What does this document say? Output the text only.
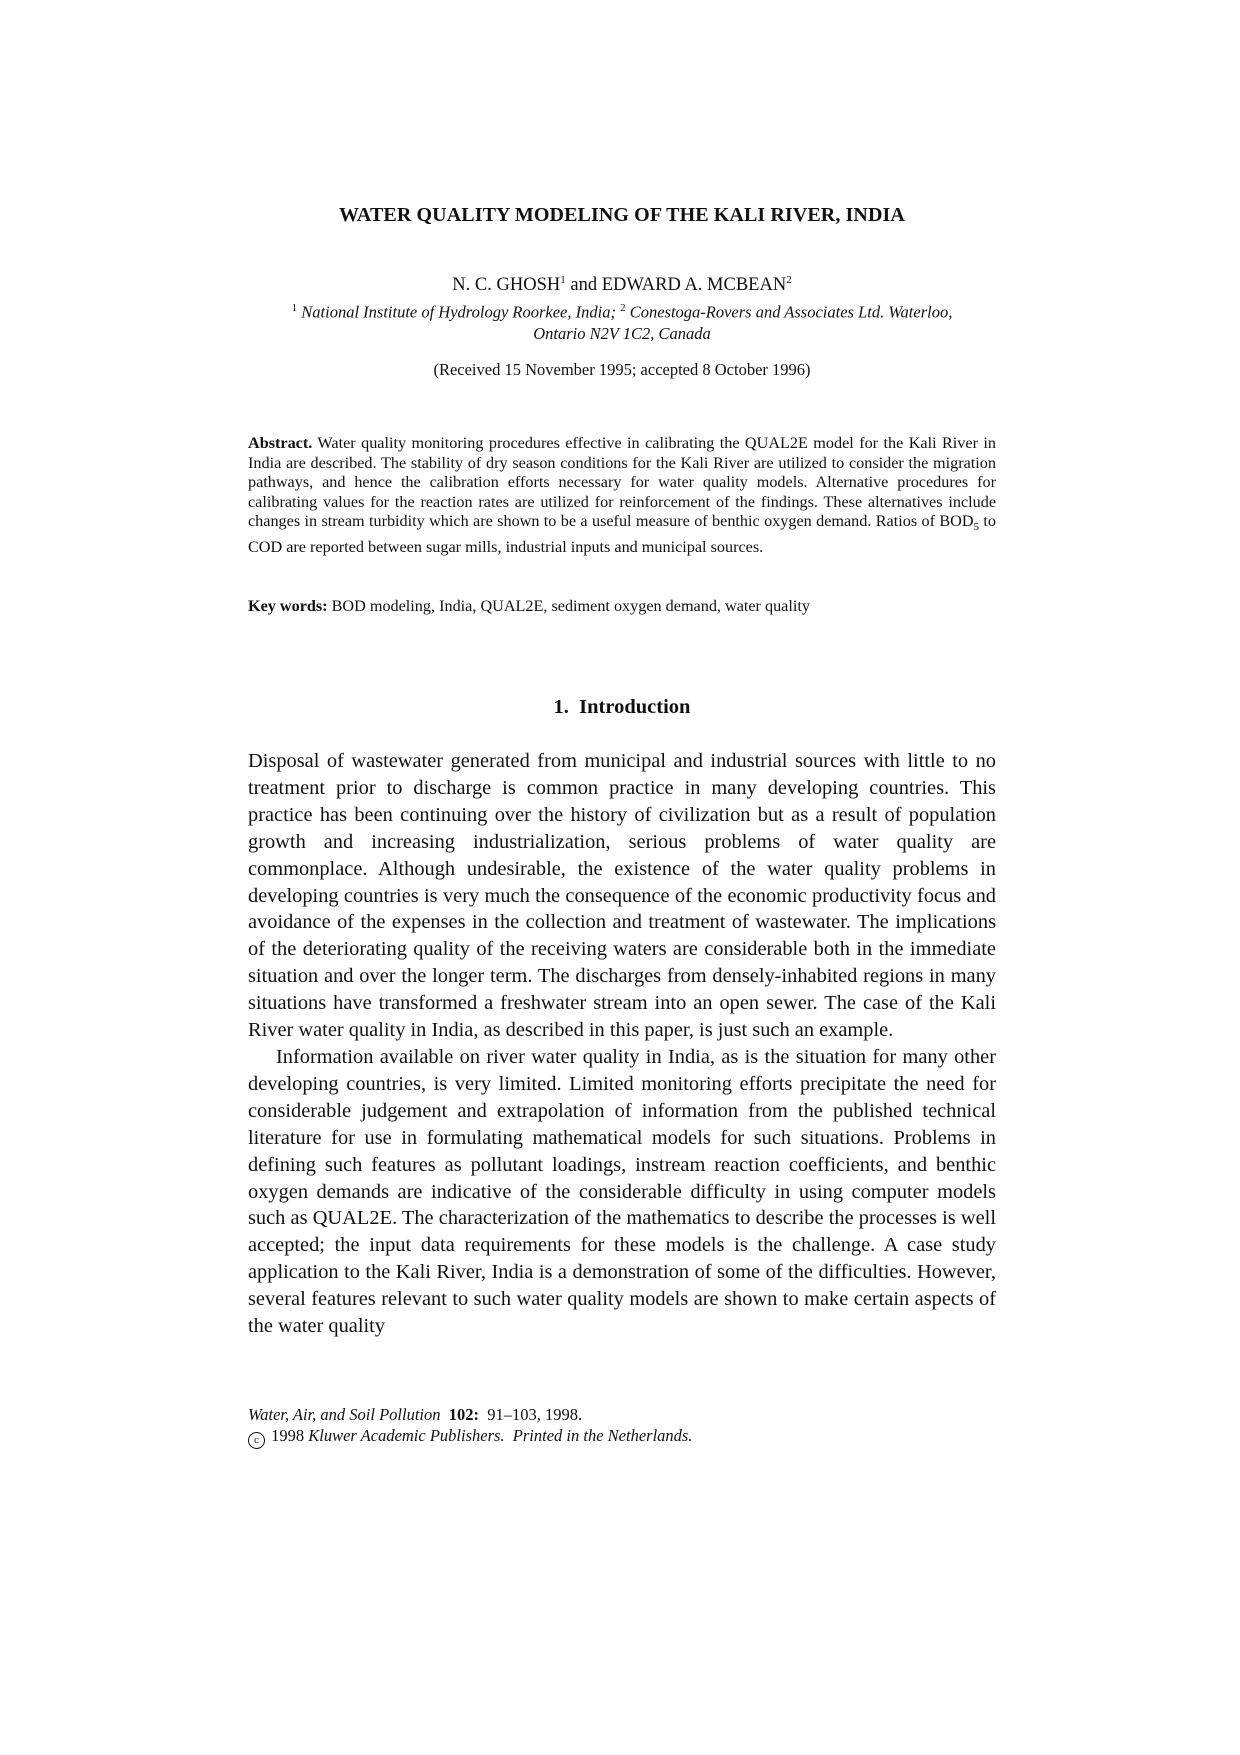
WATER QUALITY MODELING OF THE KALI RIVER, INDIA
N. C. GHOSH$^1$ and EDWARD A. MCBEAN$^2$
$^1$ National Institute of Hydrology Roorkee, India; $^2$ Conestoga-Rovers and Associates Ltd. Waterloo,
Ontario N2V 1C2, Canada
(Received 15 November 1995; accepted 8 October 1996)

Abstract. Water quality monitoring procedures effective in calibrating the QUAL2E model for the Kali River in India are described. The stability of dry season conditions for the Kali River are utilized to consider the migration pathways, and hence the calibration efforts necessary for water quality models. Alternative procedures for calibrating values for the reaction rates are utilized for reinforcement of the findings. These alternatives include changes in stream turbidity which are shown to be a useful measure of benthic oxygen demand. Ratios of $BOD_5$ to COD are reported between sugar mills, industrial inputs and municipal sources.

Key words: BOD modeling, India, QUAL2E, sediment oxygen demand, water quality

1. Introduction

Disposal of wastewater generated from municipal and industrial sources with little to no treatment prior to discharge is common practice in many developing countries. This practice has been continuing over the history of civilization but as a result of population growth and increasing industrialization, serious problems of water quality are commonplace. Although undesirable, the existence of the water quality problems in developing countries is very much the consequence of the economic productivity focus and avoidance of the expenses in the collection and treatment of wastewater. The implications of the deteriorating quality of the receiving waters are considerable both in the immediate situation and over the longer term. The discharges from densely-inhabited regions in many situations have transformed a freshwater stream into an open sewer. The case of the Kali River water quality in India, as described in this paper, is just such an example.

Information available on river water quality in India, as is the situation for many other developing countries, is very limited. Limited monitoring efforts precipitate the need for considerable judgement and extrapolation of information from the published technical literature for use in formulating mathematical models for such situations. Problems in defining such features as pollutant loadings, instream reaction coefficients, and benthic oxygen demands are indicative of the considerable difficulty in using computer models such as QUAL2E. The characterization of the mathematics to describe the processes is well accepted; the input data requirements for these models is the challenge. A case study application to the Kali River, India is a demonstration of some of the difficulties. However, several features relevant to such water quality models are shown to make certain aspects of the water quality

Water, Air, and Soil Pollution 102:  91–103, 1998.
c 1998 Kluwer Academic Publishers.  Printed in the Netherlands.
